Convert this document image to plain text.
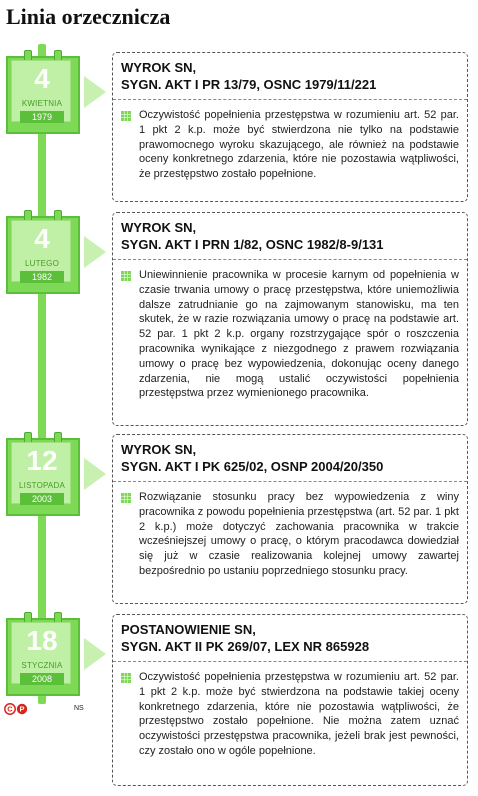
Linia orzecznicza
4
KWIETNIA
1979
WYROK SN,
SYGN. AKT I PR 13/79, OSNC 1979/11/221
Oczywistość popełnienia przestępstwa w rozumieniu art. 52 par. 1 pkt 2 k.p. może być stwierdzona nie tylko na podstawie prawomocnego wyroku skazującego, ale również na podstawie oceny konkretnego zdarzenia, które nie pozostawia wątpliwości, że przestępstwo zostało popełnione.
4
LUTEGO
1982
WYROK SN,
SYGN. AKT I PRN 1/82, OSNC 1982/8-9/131
Uniewinnienie pracownika w procesie karnym od popełnienia w czasie trwania umowy o pracę przestępstwa, które uniemożliwia dalsze zatrudnianie go na zajmowanym stanowisku, ma ten skutek, że w razie rozwiązania umowy o pracę na podstawie art. 52 par. 1 pkt 2 k.p. organy rozstrzygające spór o roszczenia pracownika wynikające z niezgodnego z prawem rozwiązania umowy o pracę bez wypowiedzenia, dokonując oceny danego zdarzenia, nie mogą ustalić oczywistości popełnienia przestępstwa przez wymienionego pracownika.
12
LISTOPADA
2003
WYROK SN,
SYGN. AKT I PK 625/02, OSNP 2004/20/350
Rozwiązanie stosunku pracy bez wypowiedzenia z winy pracownika z powodu popełnienia przestępstwa (art. 52 par. 1 pkt 2 k.p.) może dotyczyć zachowania pracownika w trakcie wcześniejszej umowy o pracę, o którym pracodawca dowiedział się już w czasie realizowania kolejnej umowy zawartej bezpośrednio po ustaniu poprzedniego stosunku pracy.
18
STYCZNIA
2008
POSTANOWIENIE SN,
SYGN. AKT II PK 269/07, LEX NR 865928
Oczywistość popełnienia przestępstwa w rozumieniu art. 52 par. 1 pkt 2 k.p. może być stwierdzona na podstawie takiej oceny konkretnego zdarzenia, które nie pozostawia wątpliwości, że przestępstwo zostało popełnione. Nie można zatem uznać oczywistości przestępstwa pracownika, jeżeli brak jest pewności, czy zostało ono w ogóle popełnione.
C P	NS
